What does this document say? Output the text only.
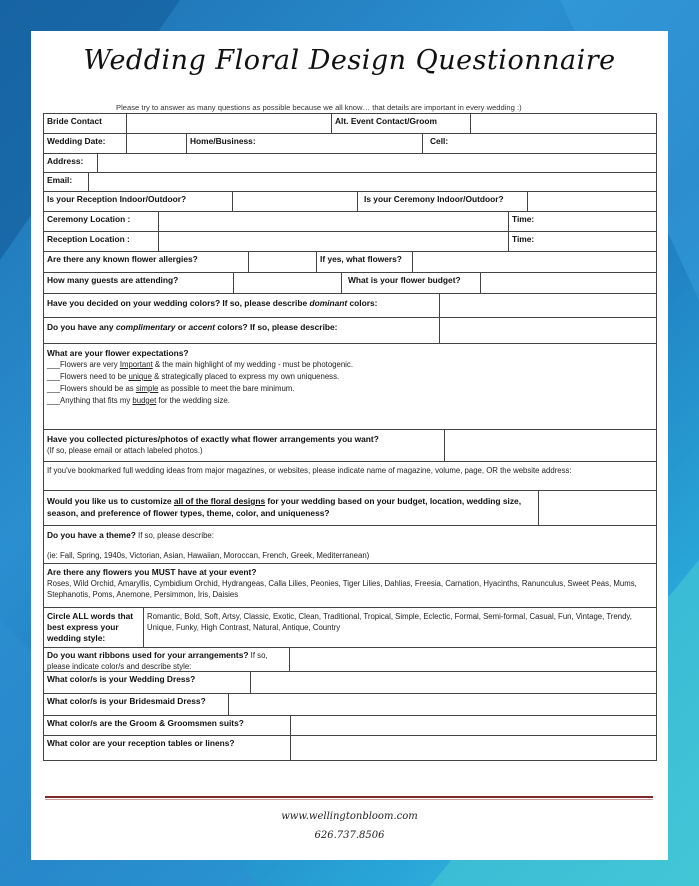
Wedding Floral Design Questionnaire
Please try to answer as many questions as possible because we all know… that details are important in every wedding :)
Bride Contact	Alt. Event Contact/Groom
Wedding Date:	Home/Business:	Cell:
Address:
Email:
Is your Reception Indoor/Outdoor?	Is your Ceremony Indoor/Outdoor?
Ceremony Location :	Time:
Reception Location :	Time:
Are there any known flower allergies?	If yes, what flowers?
How many guests are attending?	What is your flower budget?
Have you decided on your wedding colors? If so, please describe dominant colors:
Do you have any complimentary or accent colors? If so, please describe:
What are your flower expectations?
___Flowers are very Important & the main highlight of my wedding - must be photogenic.
___Flowers need to be unique & strategically placed to express my own uniqueness.
___Flowers should be as simple as possible to meet the bare minimum.
___Anything that fits my budget for the wedding size.
Have you collected pictures/photos of exactly what flower arrangements you want?
(If so, please email or attach labeled photos.)
If you've bookmarked full wedding ideas from major magazines, or websites, please indicate name of magazine, volume, page, OR the website address:
Would you like us to customize all of the floral designs for your wedding based on your budget, location, wedding size, season, and preference of flower types, theme, color, and uniqueness?
Do you have a theme? If so, please describe:
(ie: Fall, Spring, 1940s, Victorian, Asian, Hawaiian, Moroccan, French, Greek, Mediterranean)
Are there any flowers you MUST have at your event?
Roses, Wild Orchid, Amaryllis, Cymbidium Orchid, Hydrangeas, Calla Lilies, Peonies, Tiger Lilies, Dahlias, Freesia, Carnation, Hyacinths, Ranunculus, Sweet Peas, Mums, Stephanotis, Poms, Anemone, Persimmon, Iris, Daisies
Circle ALL words that best express your wedding style:
Romantic, Bold, Soft, Artsy, Classic, Exotic, Clean, Traditional, Tropical, Simple, Eclectic, Formal, Semi-formal, Casual, Fun, Vintage, Trendy, Unique, Funky, High Contrast, Natural, Antique, Country
Do you want ribbons used for your arrangements? If so, please indicate color/s and describe style:
What color/s is your Wedding Dress?
What color/s is your Bridesmaid Dress?
What color/s are the Groom & Groomsmen suits?
What color are your reception tables or linens?
www.wellingtonbloom.com
626.737.8506
